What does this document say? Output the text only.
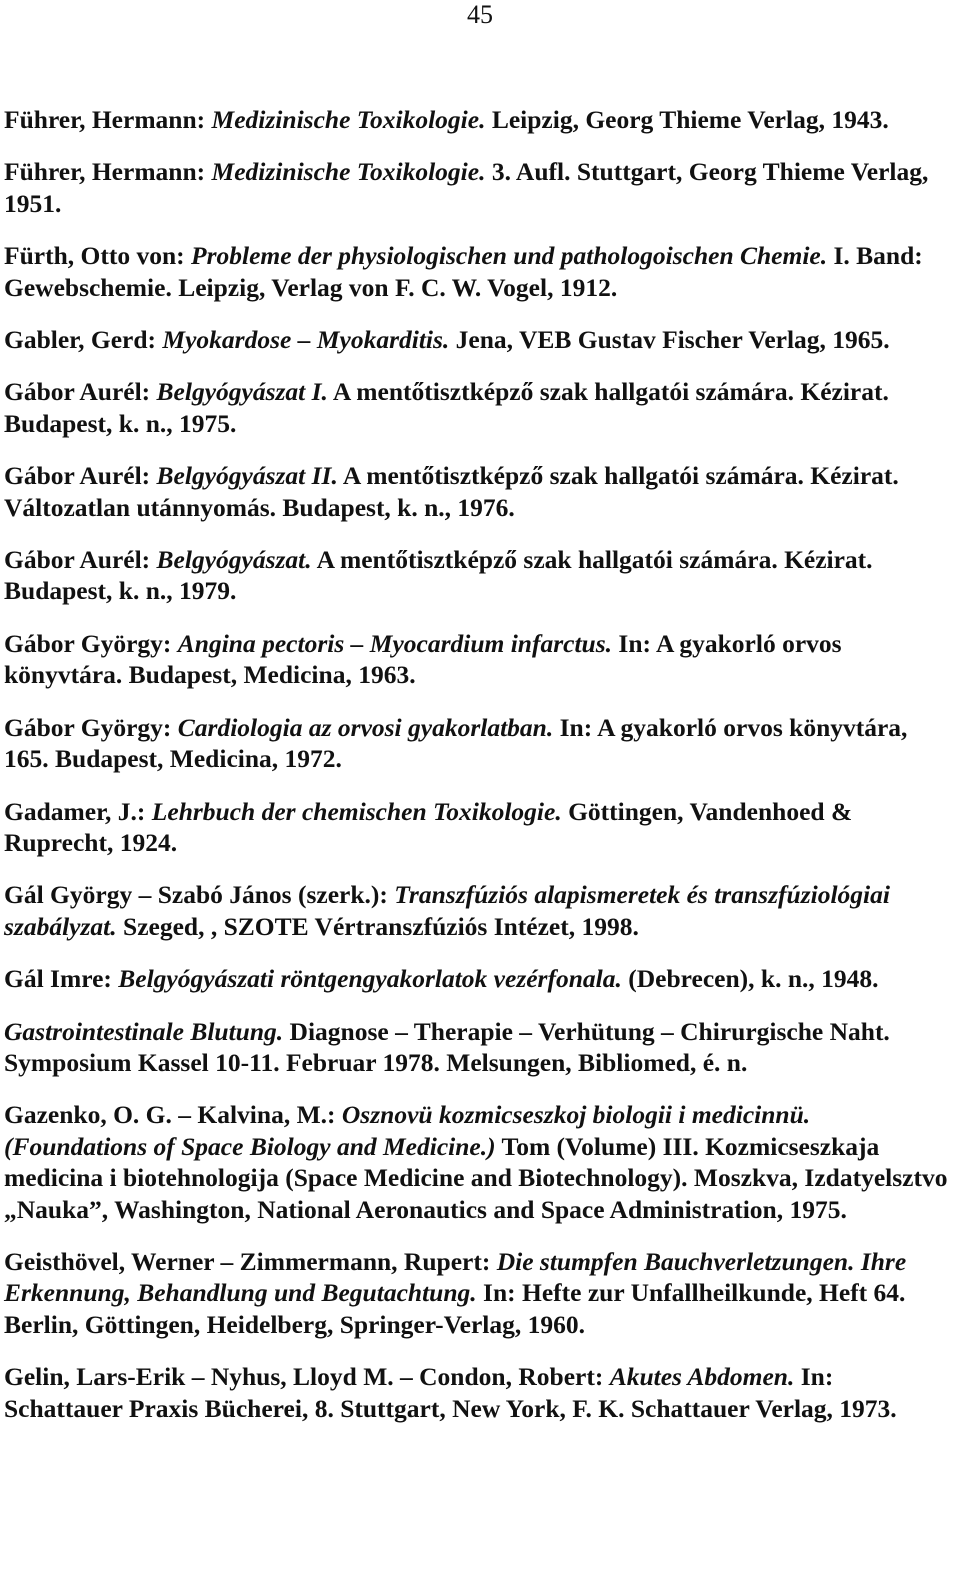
45

Führer, Hermann: Medizinische Toxikologie. Leipzig, Georg Thieme Verlag, 1943.

Führer, Hermann: Medizinische Toxikologie. 3. Aufl. Stuttgart, Georg Thieme Verlag, 1951.

Fürth, Otto von: Probleme der physiologischen und pathologoischen Chemie. I. Band: Gewebschemie. Leipzig, Verlag von F. C. W. Vogel, 1912.

Gabler, Gerd: Myokardose – Myokarditis. Jena, VEB Gustav Fischer Verlag, 1965.

Gábor Aurél: Belgyógyászat I. A mentőtisztképző szak hallgatói számára. Kézirat. Budapest, k. n., 1975.

Gábor Aurél: Belgyógyászat II. A mentőtisztképző szak hallgatói számára. Kézirat. Változatlan utánnyomás. Budapest, k. n., 1976.

Gábor Aurél: Belgyógyászat. A mentőtisztképző szak hallgatói számára. Kézirat. Budapest, k. n., 1979.

Gábor György: Angina pectoris – Myocardium infarctus. In: A gyakorló orvos könyvtára. Budapest, Medicina, 1963.

Gábor György: Cardiologia az orvosi gyakorlatban. In: A gyakorló orvos könyvtára, 165. Budapest, Medicina, 1972.

Gadamer, J.: Lehrbuch der chemischen Toxikologie. Göttingen, Vandenhoed & Ruprecht, 1924.

Gál György – Szabó János (szerk.): Transzfúziós alapismeretek és transzfúziológiai szabályzat. Szeged, , SZOTE Vértranszfúziós Intézet, 1998.

Gál Imre: Belgyógyászati röntgengyakorlatok vezérfonala. (Debrecen), k. n., 1948.

Gastrointestinale Blutung. Diagnose – Therapie – Verhütung – Chirurgische Naht. Symposium Kassel 10-11. Februar 1978. Melsungen, Bibliomed, é. n.

Gazenko, O. G. – Kalvina, M.: Osznovü kozmicseszkoj biologii i medicinnü. (Foundations of Space Biology and Medicine.) Tom (Volume) III. Kozmicseszkaja medicina i biotehnologija (Space Medicine and Biotechnology). Moszkva, Izdatyelsztvo „Nauka”, Washington, National Aeronautics and Space Administration, 1975.

Geisthövel, Werner – Zimmermann, Rupert: Die stumpfen Bauchverletzungen. Ihre Erkennung, Behandlung und Begutachtung. In: Hefte zur Unfallheilkunde, Heft 64. Berlin, Göttingen, Heidelberg, Springer-Verlag, 1960.

Gelin, Lars-Erik – Nyhus, Lloyd M. – Condon, Robert: Akutes Abdomen. In: Schattauer Praxis Bücherei, 8. Stuttgart, New York, F. K. Schattauer Verlag, 1973.
